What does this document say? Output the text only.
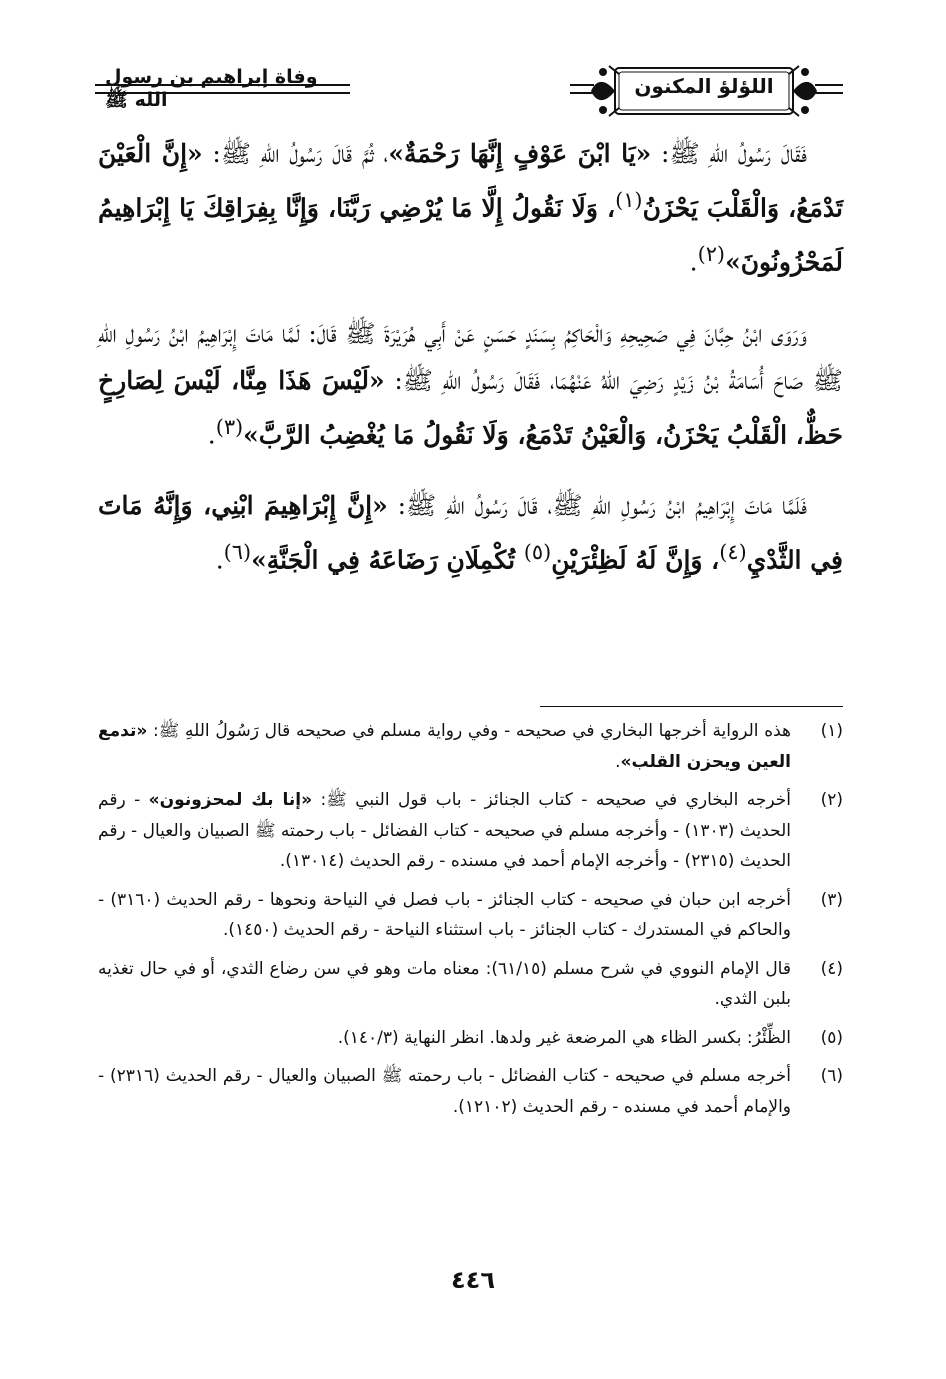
وفاة إبراهيم بن رسول الله ﷺ
اللؤلؤ المكنون

فَقَالَ رَسُولُ اللهِ ﷺ: «يَا ابْنَ عَوْفٍ إِنَّهَا رَحْمَةٌ»، ثُمَّ قَالَ رَسُولُ اللهِ ﷺ: «إِنَّ الْعَيْنَ تَدْمَعُ، وَالْقَلْبَ يَحْزَنُ$^{(١)}$، وَلَا نَقُولُ إِلَّا مَا يُرْضِي رَبَّنَا، وَإِنَّا بِفِرَاقِكَ يَا إِبْرَاهِيمُ لَمَحْزُونُونَ»$^{(٢)}$.

وَرَوَى ابْنُ حِبَّانَ فِي صَحِيحِهِ وَالْحَاكِمُ بِسَنَدٍ حَسَنٍ عَنْ أَبِي هُرَيْرَةَ ﷺ قَالَ: لَمَّا مَاتَ إِبْرَاهِيمُ ابْنُ رَسُولِ اللهِ ﷺ صَاحَ أُسَامَةُ بْنُ زَيْدٍ رَضِيَ اللهُ عَنْهُمَا، فَقَالَ رَسُولُ اللهِ ﷺ: «لَيْسَ هَذَا مِنَّا، لَيْسَ لِصَارِخٍ حَظٌّ، الْقَلْبُ يَحْزَنُ، وَالْعَيْنُ تَدْمَعُ، وَلَا نَقُولُ مَا يُغْضِبُ الرَّبَّ»$^{(٣)}$.

فَلَمَّا مَاتَ إِبْرَاهِيمُ ابْنُ رَسُولِ اللهِ ﷺ، قَالَ رَسُولُ اللهِ ﷺ: «إِنَّ إِبْرَاهِيمَ ابْنِي، وَإِنَّهُ مَاتَ فِي الثَّدْيِ$^{(٤)}$، وَإِنَّ لَهُ لَظِئْرَيْنِ$^{(٥)}$ تُكْمِلَانِ رَضَاعَهُ فِي الْجَنَّةِ»$^{(٦)}$.

(١)
هذه الرواية أخرجها البخاري في صحيحه - وفي رواية مسلم في صحيحه قال رَسُولُ اللهِ ﷺ: «تدمع العين ويحزن القلب».
(٢)
أخرجه البخاري في صحيحه - كتاب الجنائز - باب قول النبي ﷺ: «إنا بك لمحزونون» - رقم الحديث (١٣٠٣) - وأخرجه مسلم في صحيحه - كتاب الفضائل - باب رحمته ﷺ الصبيان والعيال - رقم الحديث (٢٣١٥) - وأخرجه الإمام أحمد في مسنده - رقم الحديث (١٣٠١٤).
(٣)
أخرجه ابن حبان في صحيحه - كتاب الجنائز - باب فصل في النياحة ونحوها - رقم الحديث (٣١٦٠) - والحاكم في المستدرك - كتاب الجنائز - باب استثناء النياحة - رقم الحديث (١٤٥٠).
(٤)
قال الإمام النووي في شرح مسلم (٦١/١٥): معناه مات وهو في سن رضاع الثدي، أو في حال تغذيه بلبن الثدي.
(٥)
الظِّئْرُ: بكسر الظاء هي المرضعة غير ولدها. انظر النهاية (١٤٠/٣).
(٦)
أخرجه مسلم في صحيحه - كتاب الفضائل - باب رحمته ﷺ الصبيان والعيال - رقم الحديث (٢٣١٦) - والإمام أحمد في مسنده - رقم الحديث (١٢١٠٢).
٤٤٦
